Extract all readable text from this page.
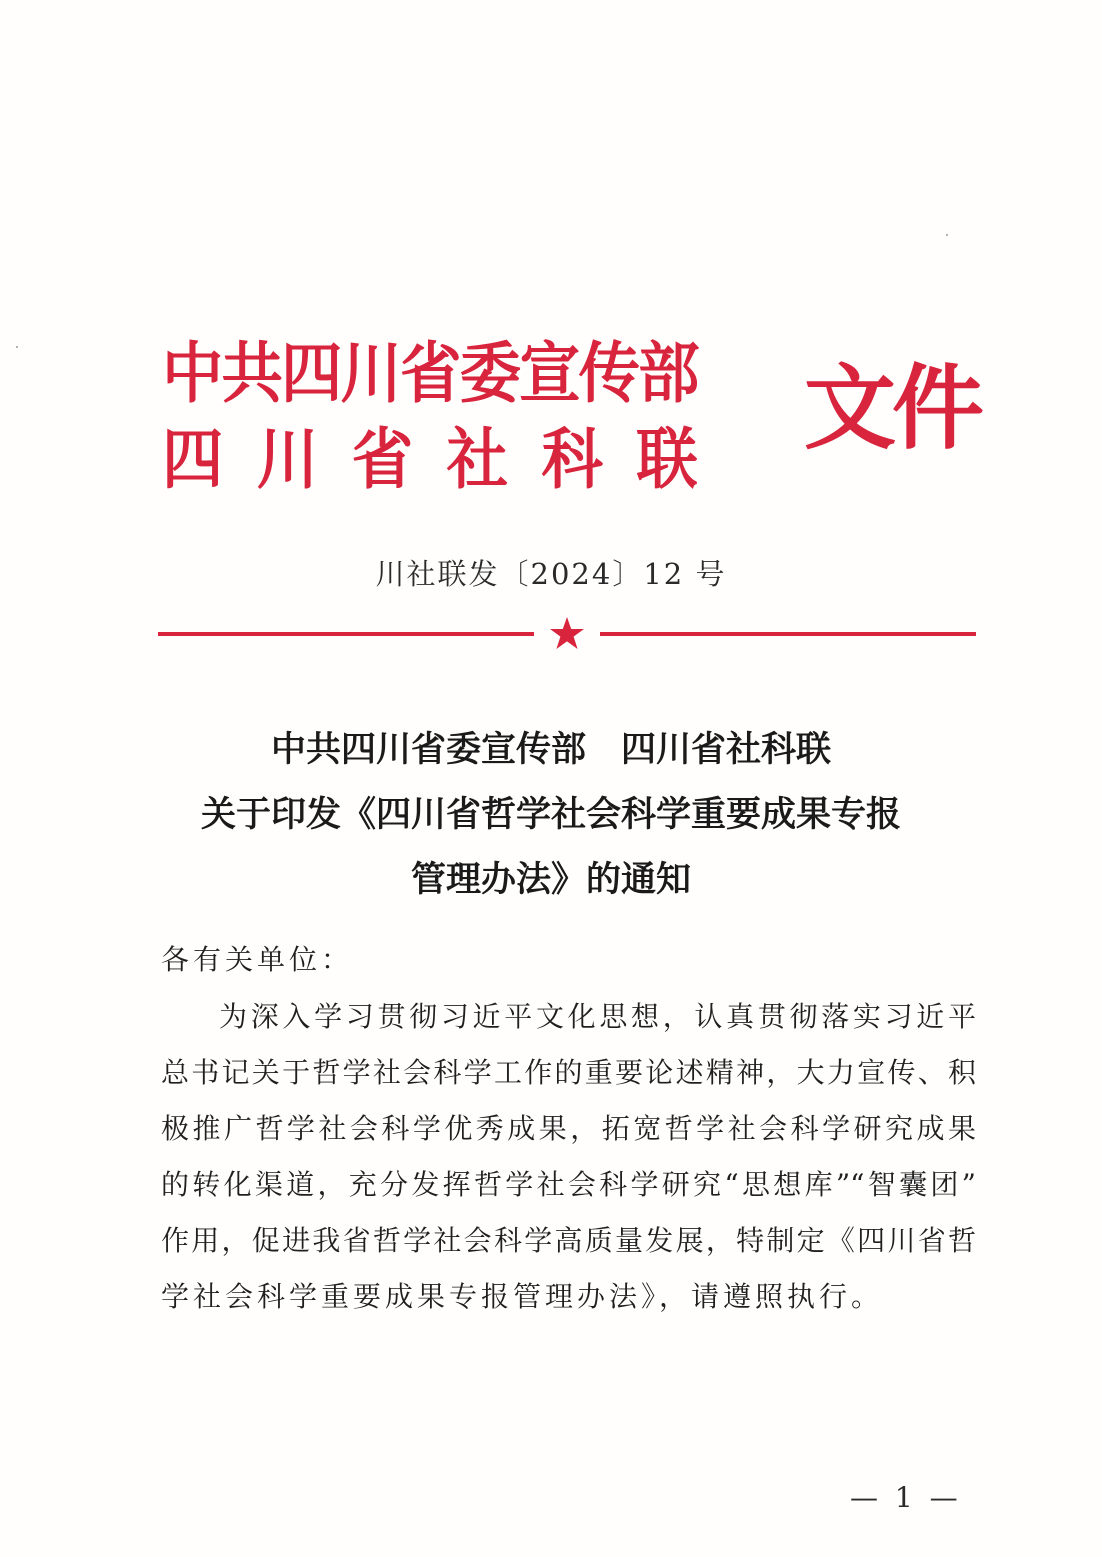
中共四川省委宣传部
四川省社科联 文件
川社联发〔2024〕12 号
中共四川省委宣传部　四川省社科联
关于印发《四川省哲学社会科学重要成果专报
管理办法》的通知
各有关单位：
为深入学习贯彻习近平文化思想，认真贯彻落实习近平
总书记关于哲学社会科学工作的重要论述精神，大力宣传、积
极推广哲学社会科学优秀成果，拓宽哲学社会科学研究成果
的转化渠道，充分发挥哲学社会科学研究“思想库”“智囊团”
作用，促进我省哲学社会科学高质量发展，特制定《四川省哲
学社会科学重要成果专报管理办法》，请遵照执行。
— 1 —
